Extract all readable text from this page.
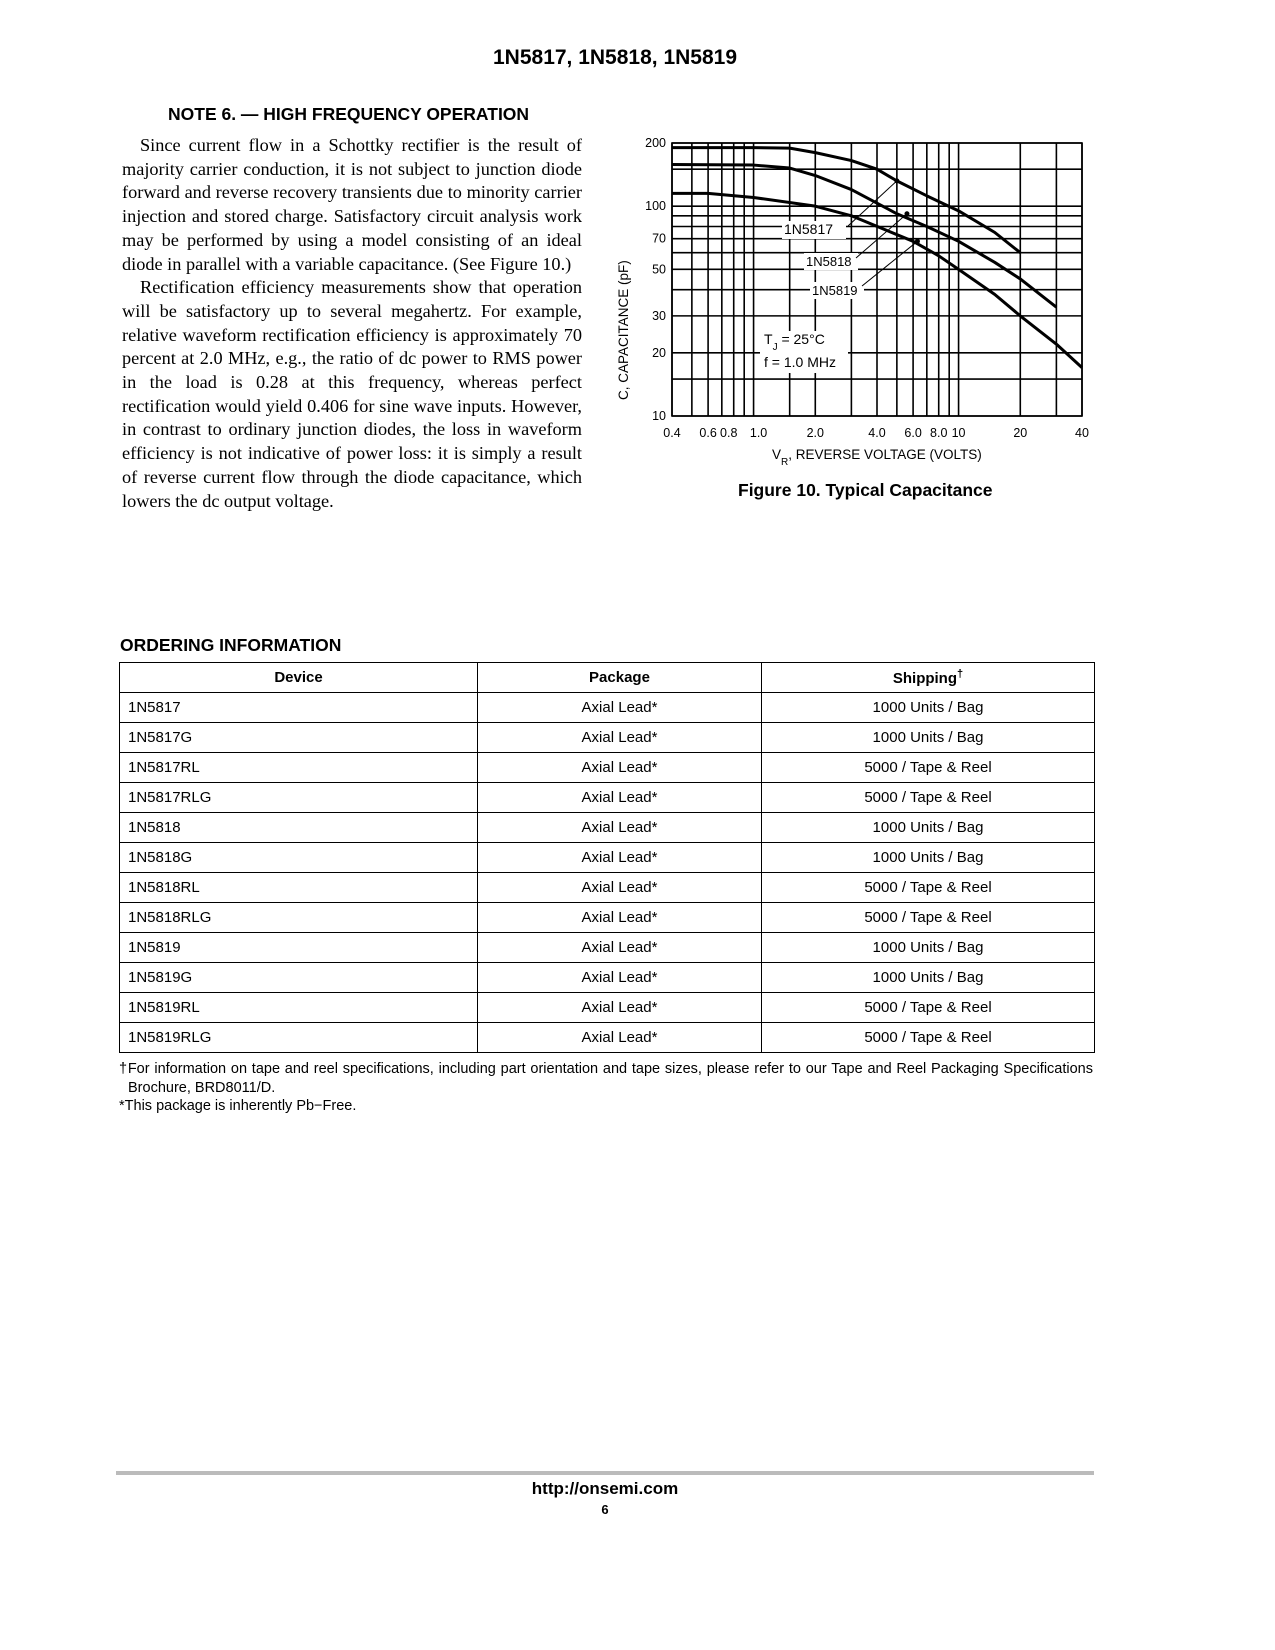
1N5817, 1N5818, 1N5819
NOTE 6. — HIGH FREQUENCY OPERATION

Since current flow in a Schottky rectifier is the result of majority carrier conduction, it is not subject to junction diode forward and reverse recovery transients due to minority carrier injection and stored charge. Satisfactory circuit analysis work may be performed by using a model consisting of an ideal diode in parallel with a variable capacitance. (See Figure 10.)

Rectification efficiency measurements show that operation will be satisfactory up to several megahertz. For example, relative waveform rectification efficiency is approximately 70 percent at 2.0 MHz, e.g., the ratio of dc power to RMS power in the load is 0.28 at this frequency, whereas perfect rectification would yield 0.406 for sine wave inputs. However, in contrast to ordinary junction diodes, the loss in waveform efficiency is not indicative of power loss: it is simply a result of reverse current flow through the diode capacitance, which lowers the dc output voltage.

0.4 0.6 0.8 1.0	2.0	4.0 6.0 8.0 10	20	40
10
20
30
50
70
100
200
C, CAPACITANCE (pF)
$V_R$, REVERSE VOLTAGE (VOLTS)
1N5817
1N5818
1N5819
$T_J = 25^\circ C$
f = 1.0 MHz
Figure 10. Typical Capacitance
ORDERING INFORMATION
Device	Package	Shipping†
1N5817	Axial Lead*	1000 Units / Bag
1N5817G	Axial Lead*	1000 Units / Bag
1N5817RL	Axial Lead*	5000 / Tape & Reel
1N5817RLG	Axial Lead*	5000 / Tape & Reel
1N5818	Axial Lead*	1000 Units / Bag
1N5818G	Axial Lead*	1000 Units / Bag
1N5818RL	Axial Lead*	5000 / Tape & Reel
1N5818RLG	Axial Lead*	5000 / Tape & Reel
1N5819	Axial Lead*	1000 Units / Bag
1N5819G	Axial Lead*	1000 Units / Bag
1N5819RL	Axial Lead*	5000 / Tape & Reel
1N5819RLG	Axial Lead*	5000 / Tape & Reel
†For information on tape and reel specifications, including part orientation and tape sizes, please refer to our Tape and Reel Packaging Specifications Brochure, BRD8011/D.
*This package is inherently Pb−Free.
http://onsemi.com
6
